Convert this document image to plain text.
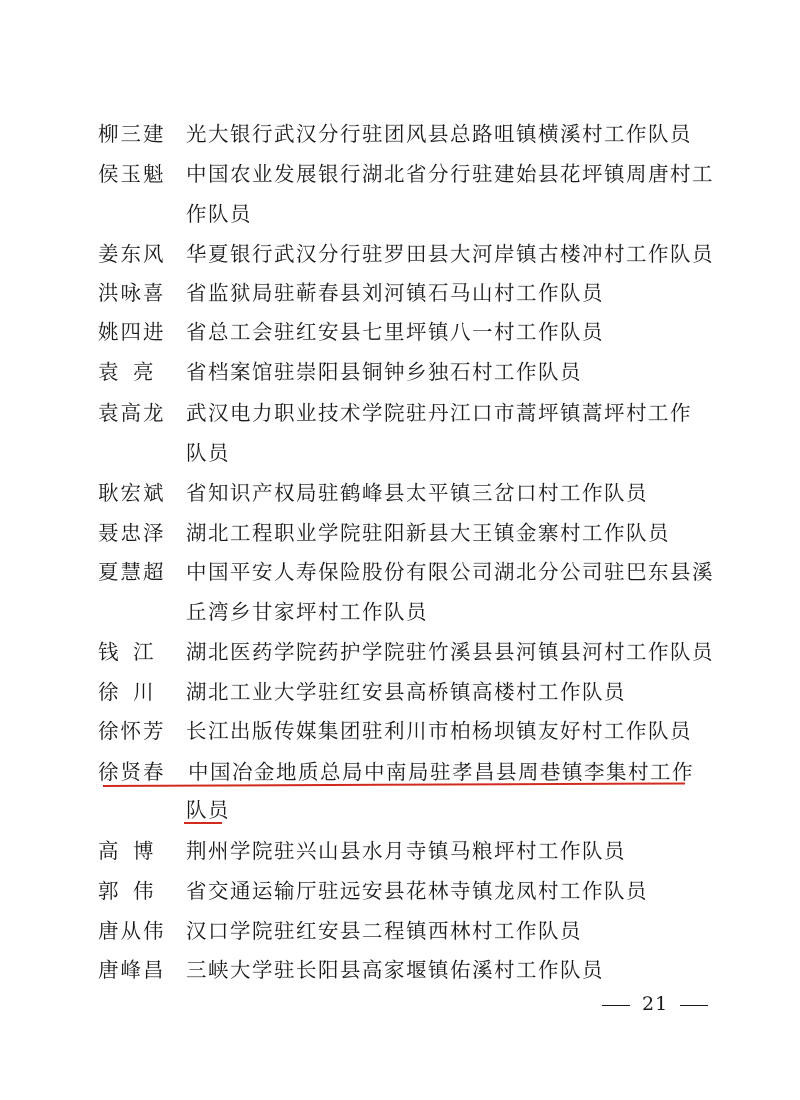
柳三建 光大银行武汉分行驻团风县总路咀镇横溪村工作队员
侯玉魁 中国农业发展银行湖北省分行驻建始县花坪镇周唐村工
作队员
姜东风 华夏银行武汉分行驻罗田县大河岸镇古楼冲村工作队员
洪咏喜 省监狱局驻蕲春县刘河镇石马山村工作队员
姚四进 省总工会驻红安县七里坪镇八一村工作队员
袁 亮	省档案馆驻崇阳县铜钟乡独石村工作队员
袁高龙 武汉电力职业技术学院驻丹江口市蒿坪镇蒿坪村工作
队员
耿宏斌 省知识产权局驻鹤峰县太平镇三岔口村工作队员
聂忠泽 湖北工程职业学院驻阳新县大王镇金寨村工作队员
夏慧超 中国平安人寿保险股份有限公司湖北分公司驻巴东县溪
丘湾乡甘家坪村工作队员
钱 江	湖北医药学院药护学院驻竹溪县县河镇县河村工作队员
徐 川	湖北工业大学驻红安县高桥镇高楼村工作队员
徐怀芳 长江出版传媒集团驻利川市柏杨坝镇友好村工作队员
徐贤春 中国冶金地质总局中南局驻孝昌县周巷镇李集村工作
队员
高 博	荆州学院驻兴山县水月寺镇马粮坪村工作队员
郭 伟	省交通运输厅驻远安县花林寺镇龙凤村工作队员
唐从伟 汉口学院驻红安县二程镇西林村工作队员
唐峰昌 三峡大学驻长阳县高家堰镇佑溪村工作队员
21
